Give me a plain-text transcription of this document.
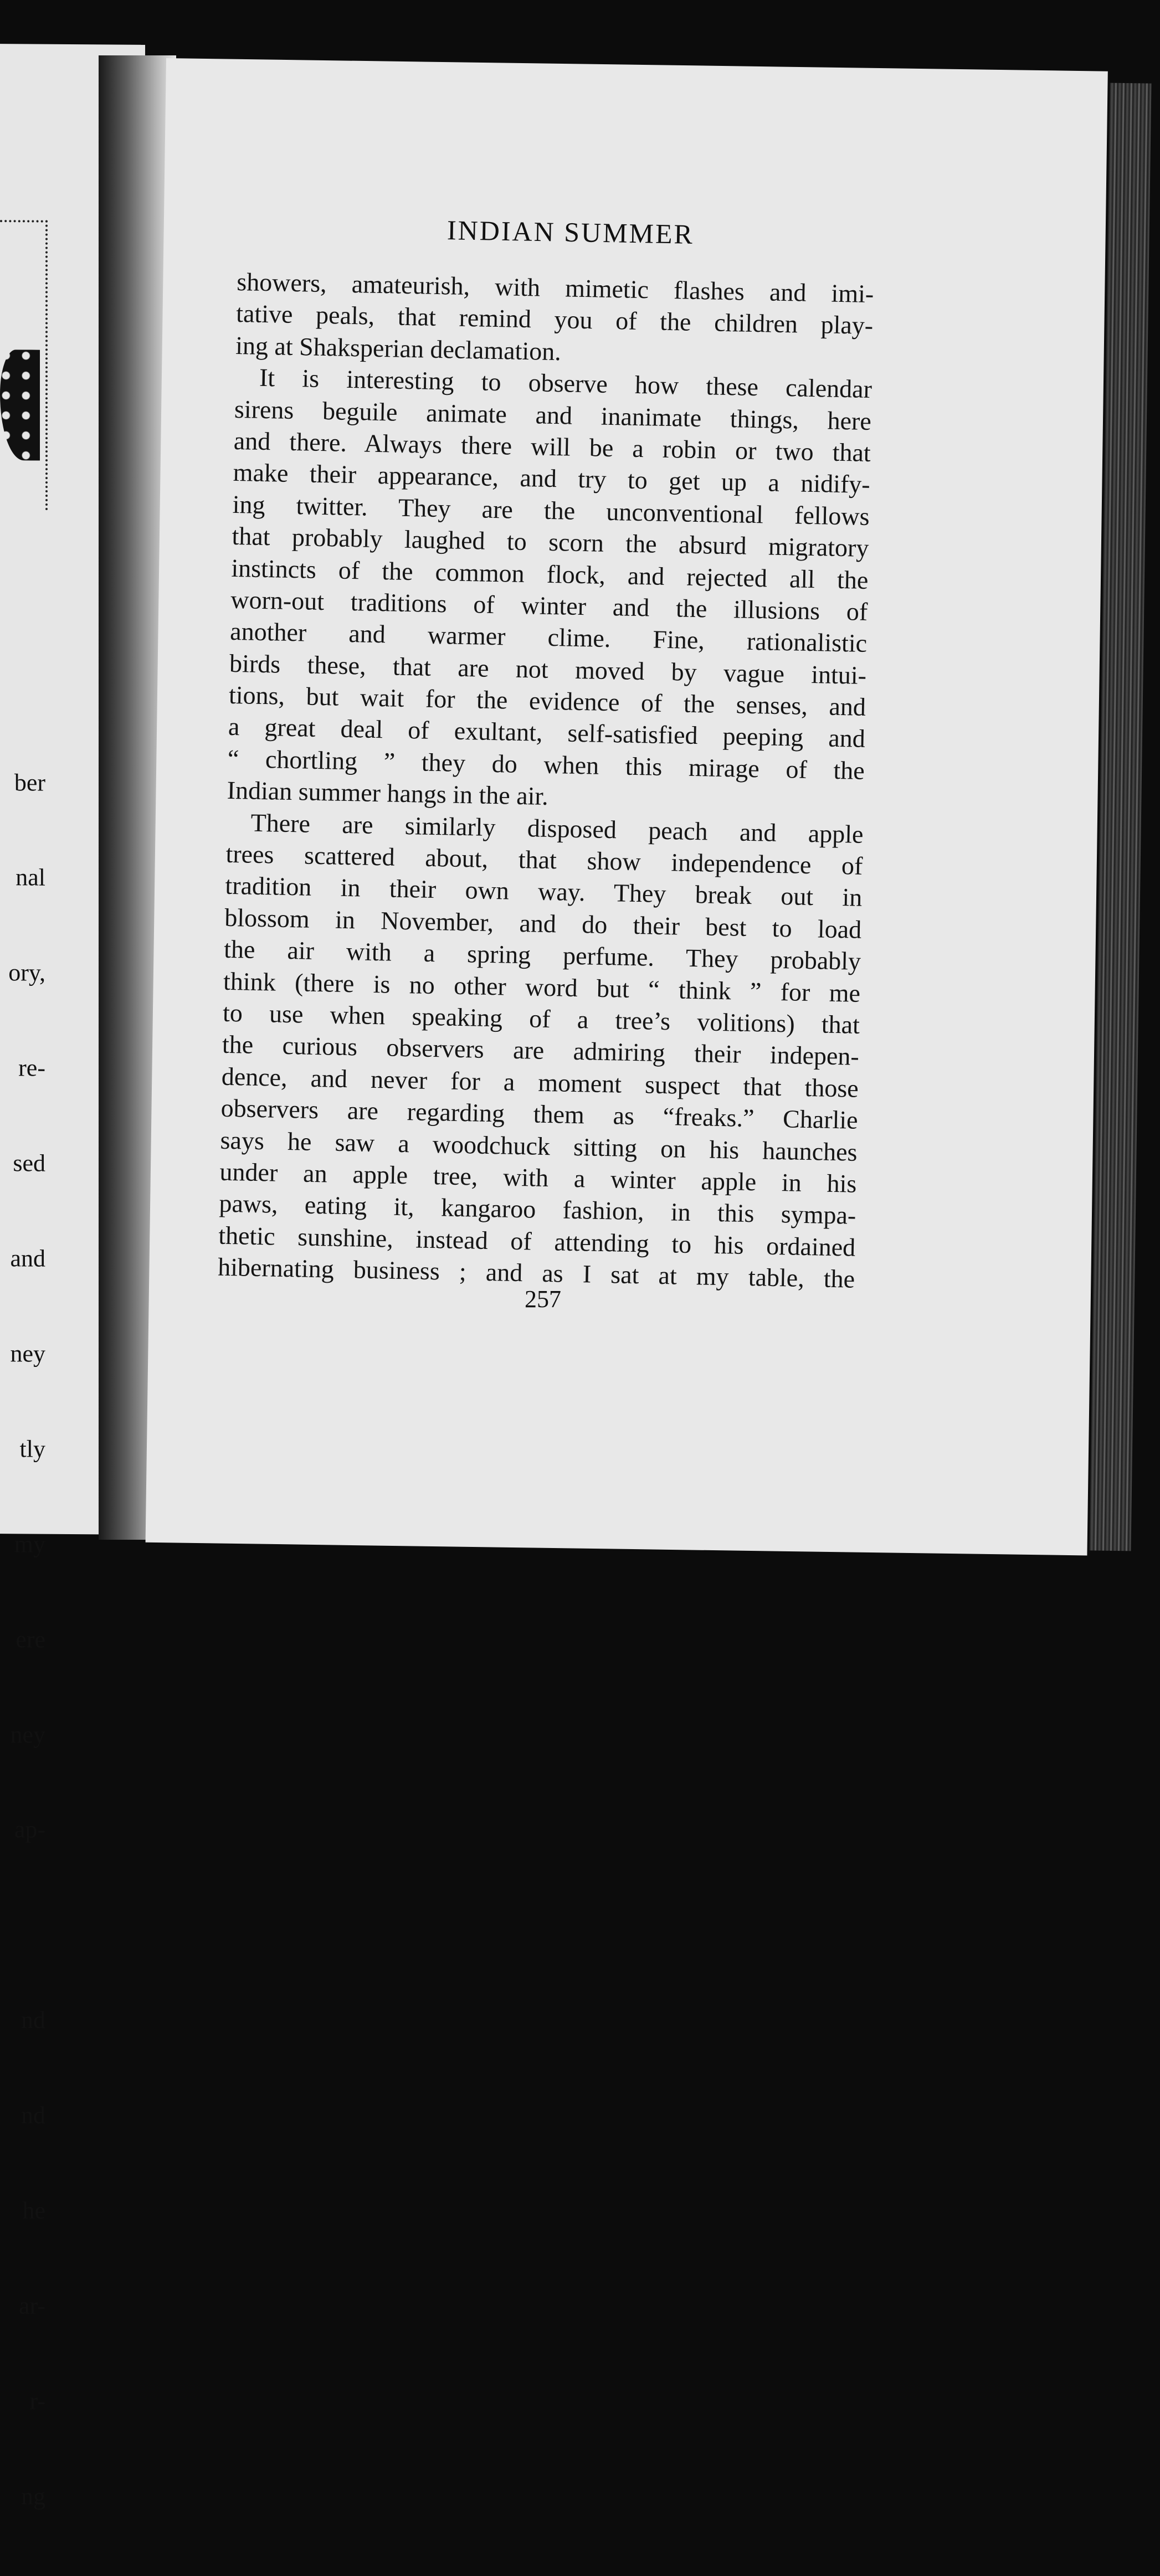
ber

nal

ory,

re-

sed

and

ney

tly

my

ere

ney

ap-

nd

nd

he

ar-

r-

ng

INDIAN SUMMER
showers, amateurish, with mimetic flashes and imi-
tative peals, that remind you of the children play-
ing at Shaksperian declamation.
It is interesting to observe how these calendar
sirens beguile animate and inanimate things, here
and there. Always there will be a robin or two that
make their appearance, and try to get up a nidify-
ing twitter. They are the unconventional fellows
that probably laughed to scorn the absurd migratory
instincts of the common flock, and rejected all the
worn-out traditions of winter and the illusions of
another and warmer clime. Fine, rationalistic
birds these, that are not moved by vague intui-
tions, but wait for the evidence of the senses, and
a great deal of exultant, self-satisfied peeping and
“ chortling ” they do when this mirage of the
Indian summer hangs in the air.
There are similarly disposed peach and apple
trees scattered about, that show independence of
tradition in their own way. They break out in
blossom in November, and do their best to load
the air with a spring perfume. They probably
think (there is no other word but “ think ” for me
to use when speaking of a tree’s volitions) that
the curious observers are admiring their indepen-
dence, and never for a moment suspect that those
observers are regarding them as “freaks.” Charlie
says he saw a woodchuck sitting on his haunches
under an apple tree, with a winter apple in his
paws, eating it, kangaroo fashion, in this sympa-
thetic sunshine, instead of attending to his ordained
hibernating business ; and as I sat at my table, the
257
